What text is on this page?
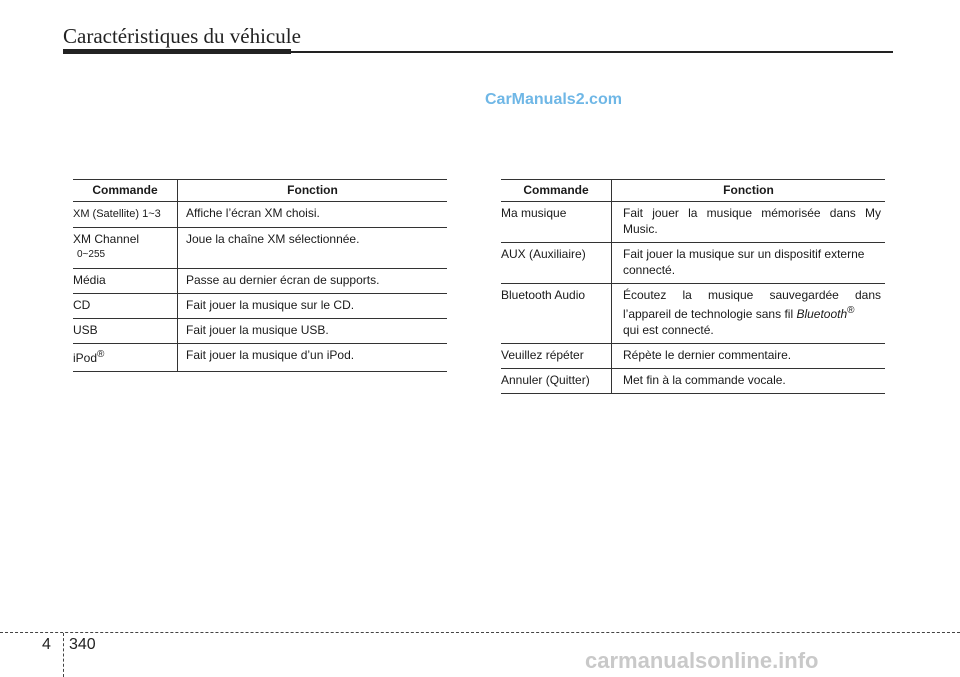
Caractéristiques du véhicule
CarManuals2.com
Commande	Fonction
XM (Satellite) 1~3	Affiche l’écran XM choisi.
XM Channel
0~255	Joue la chaîne XM sélectionnée.
Média	Passe au dernier écran de supports.
CD	Fait jouer la musique sur le CD.
USB	Fait jouer la musique USB.
iPod®	Fait jouer la musique d’un iPod.
Commande	Fonction
Ma musique	Fait jouer la musique mémorisée dans My Music.
AUX (Auxiliaire)	Fait jouer la musique sur un dispositif externe connecté.
Bluetooth Audio	Écoutez la musique sauvegardée dans l’appareil de technologie sans fil Bluetooth®
qui est connecté.

Veuillez répéter	Répète le dernier commentaire.
Annuler (Quitter)	Met fin à la commande vocale.
4 340
carmanualsonline.info
